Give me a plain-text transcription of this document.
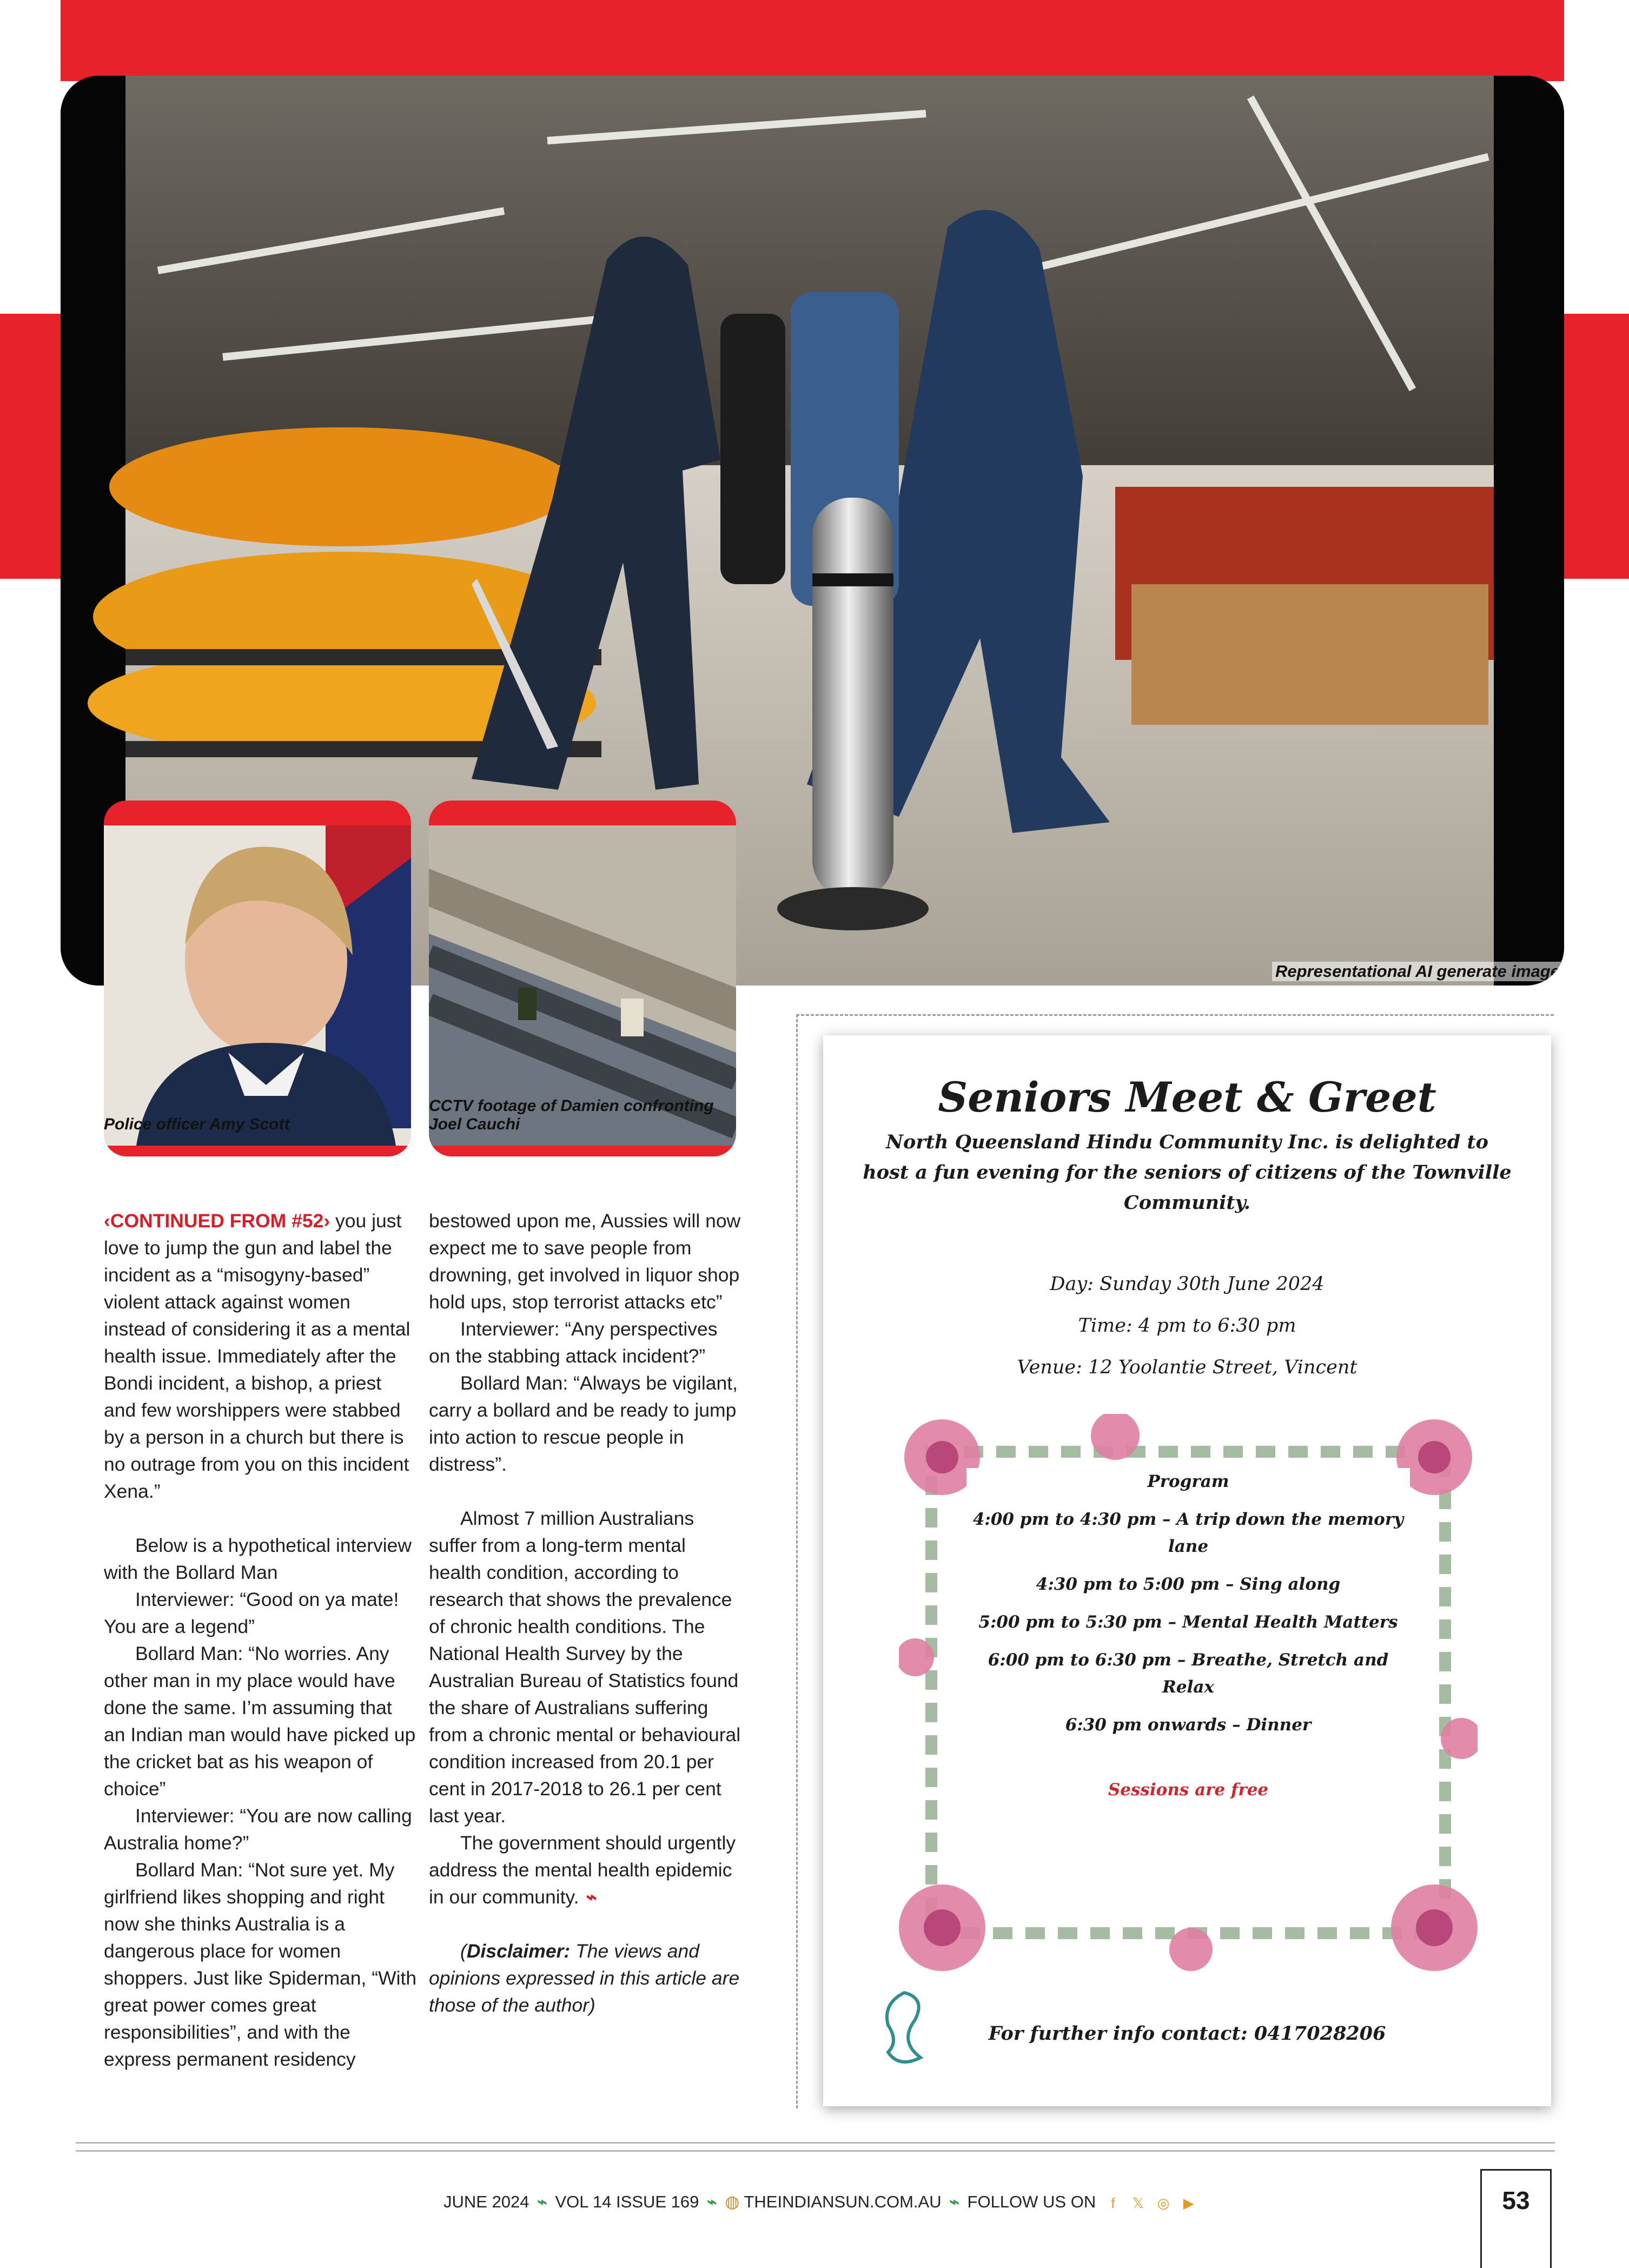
Representational AI generate image
Police officer Amy Scott
CCTV footage of Damien confronting Joel Cauchi

‹CONTINUED FROM #52› you just love to jump the gun and label the incident as a “misogyny-based” violent attack against women instead of considering it as a mental health issue. Immediately after the Bondi incident, a bishop, a priest and few worshippers were stabbed by a person in a church but there is no outrage from you on this incident Xena.”

Below is a hypothetical interview with the Bollard Man

Interviewer: “Good on ya mate! You are a legend”

Bollard Man: “No worries. Any other man in my place would have done the same. I’m assuming that an Indian man would have picked up the cricket bat as his weapon of choice”

Interviewer: “You are now calling Australia home?”

Bollard Man: “Not sure yet. My girlfriend likes shopping and right now she thinks Australia is a dangerous place for women shoppers. Just like Spiderman, “With great power comes great responsibilities”, and with the express permanent residency

bestowed upon me, Aussies will now expect me to save people from drowning, get involved in liquor shop hold ups, stop terrorist attacks etc”

Interviewer: “Any perspectives on the stabbing attack incident?”

Bollard Man: “Always be vigilant, carry a bollard and be ready to jump into action to rescue people in distress”.

Almost 7 million Australians suffer from a long-term mental health condition, according to research that shows the prevalence of chronic health conditions. The National Health Survey by the Australian Bureau of Statistics found the share of Australians suffering from a chronic mental or behavioural condition increased from 20.1 per cent in 2017-2018 to 26.1 per cent last year.

The government should urgently address the mental health epidemic in our community. ⌁

(Disclaimer: The views and opinions expressed in this article are those of the author)

Seniors Meet & Greet
North Queensland Hindu Community Inc. is delighted to host a fun evening for the seniors of citizens of the Townville Community.
Day: Sunday 30th June 2024
Time: 4 pm to 6:30 pm
Venue: 12 Yoolantie Street, Vincent
Program
4:00 pm to 4:30 pm – A trip down the memory lane
4:30 pm to 5:00 pm – Sing along
5:00 pm to 5:30 pm – Mental Health Matters
6:00 pm to 6:30 pm – Breathe, Stretch and Relax
6:30 pm onwards – Dinner
Sessions are free
For further info contact: 0417028206
JUNE 2024 ⌁ VOL 14 ISSUE 169 ⌁ ◍ THEINDIANSUN.COM.AU ⌁ FOLLOW US ON f 𝕏 ◎ ▶	53
